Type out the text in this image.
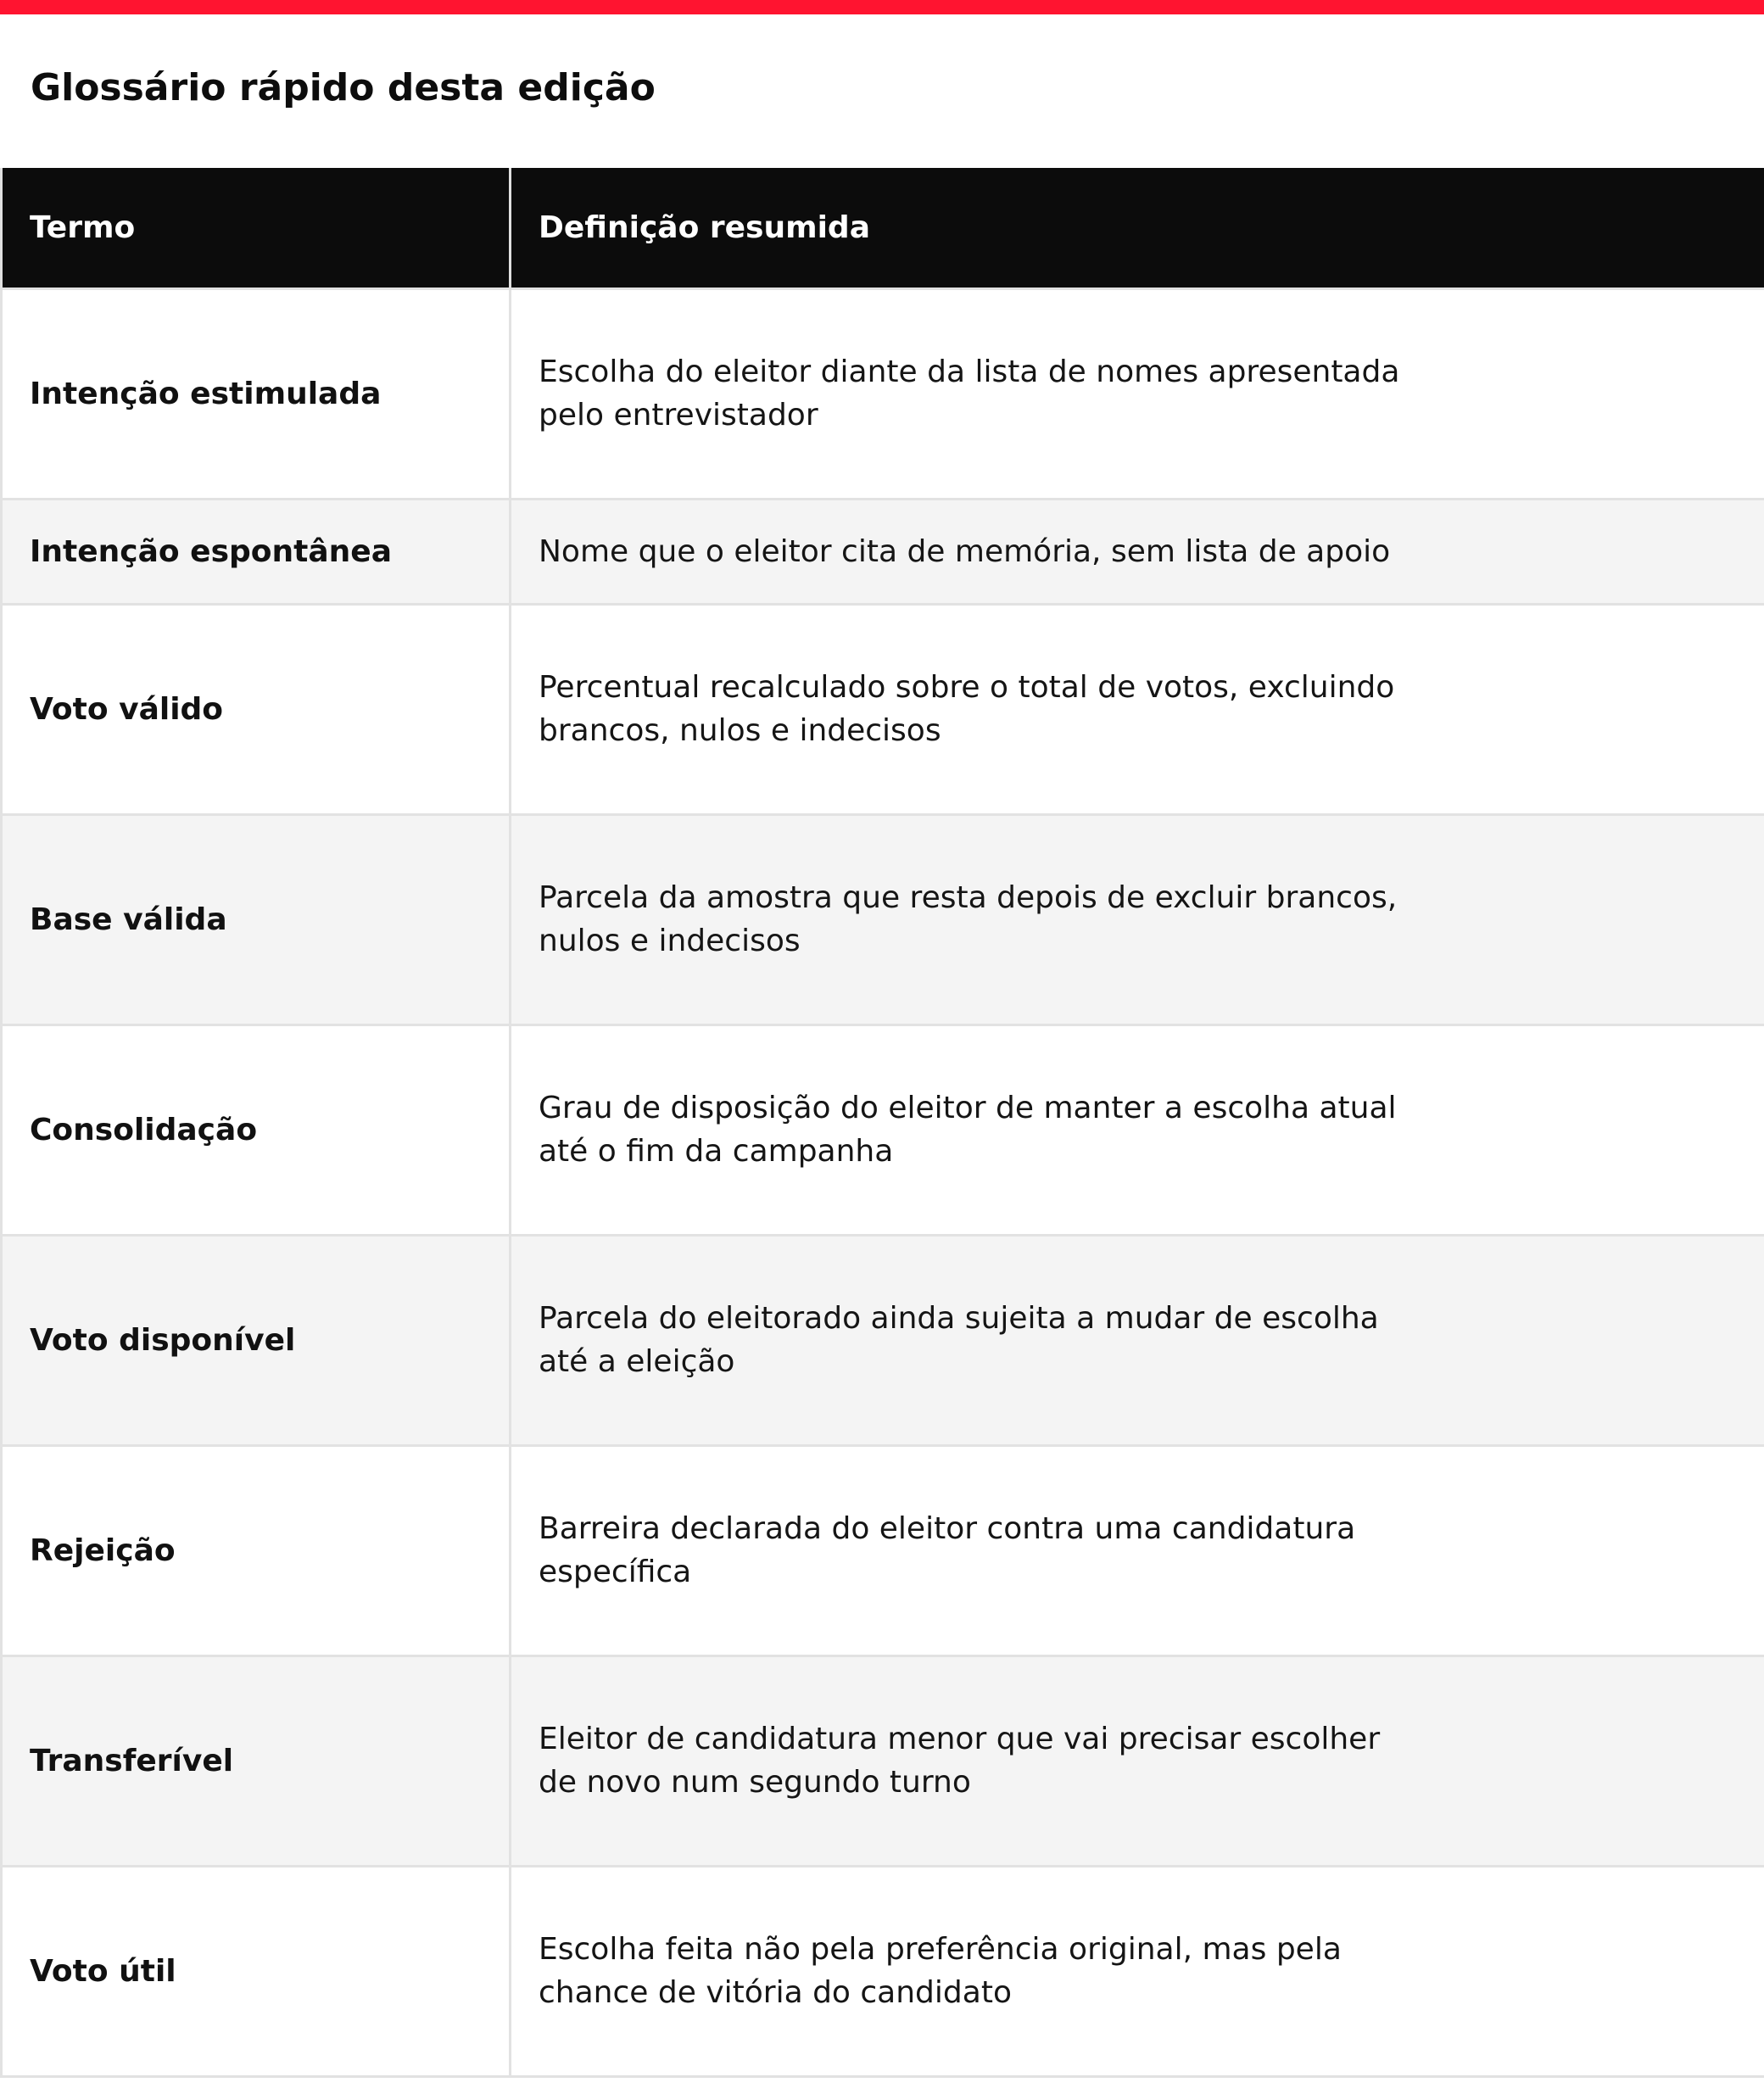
Glossário rápido desta edição
Termo	Definição resumida
Intenção estimulada	Escolha do eleitor diante da lista de nomes apresentada pelo entrevistador

Intenção espontânea	Nome que o eleitor cita de memória, sem lista de apoio

Voto válido	Percentual recalculado sobre o total de votos, excluindo brancos, nulos e indecisos

Base válida	Parcela da amostra que resta depois de excluir brancos, nulos e indecisos

Consolidação	Grau de disposição do eleitor de manter a escolha atual até o fim da campanha

Voto disponível	Parcela do eleitorado ainda sujeita a mudar de escolha até a eleição

Rejeição	Barreira declarada do eleitor contra uma candidatura específica

Transferível	Eleitor de candidatura menor que vai precisar escolher de novo num segundo turno

Voto útil	Escolha feita não pela preferência original, mas pela chance de vitória do candidato
